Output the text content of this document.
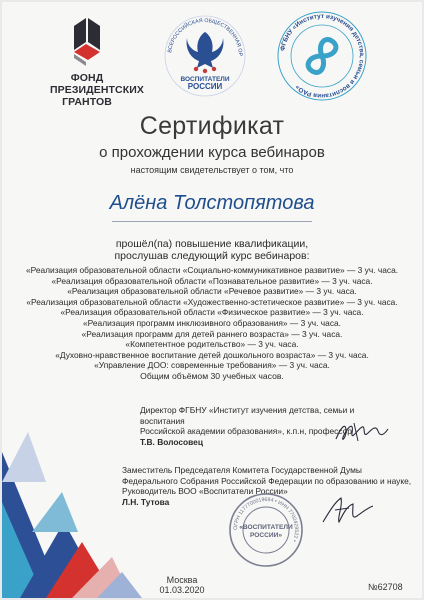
ФОНД
ПРЕЗИДЕНТСКИХ
ГРАНТОВ
ВСЕРОССИЙСКАЯ ОБЩЕСТВЕННАЯ ОР
ВОСПИТАТЕЛИ
РОССИИ
ФГБНУ «Институт изучения детства, семьи и воспитания РАО»
Сертификат
о прохождении курса вебинаров
настоящим свидетельствует о том, что
Алёна Толстопятова
прошёл(па) повышение квалификации,
прослушав следующий курс вебинаров:
«Реализация образовательной области «Социально-коммуникативное развитие» — 3 уч. часа.
«Реализация образовательной области «Познавательное развитие» — 3 уч. часа.
«Реализация образовательной области «Речевое развитие» — 3 уч. часа.
«Реализация образовательной области «Художественно-эстетическое развитие» — 3 уч. часа.
«Реализация образовательной области «Физическое развитие» — 3 уч. часа.
«Реализация программ инклюзивного образования» — 3 уч. часа.
«Реализация программ для детей раннего возраста» — 3 уч. часа.
«Компетентное родительство» — 3 уч. часа.
«Духовно-нравственное воспитание детей дошкольного возраста» — 3 уч. часа.
«Управление ДОО: современные требования» — 3 уч. часа.
Общим объёмом 30 учебных часов.
Директор ФГБНУ «Институт изучения детства, семьи и воспитания
Российской академии образования», к.п.н, профессор
Т.В. Волосовец
Заместитель Председателя Комитета Государственной Думы
Федерального Собрания Российской Федерации по образованию и науке,
Руководитель ВОО «Воспитатели России»
Л.Н. Тутова
ОГРН 1177700019694 • ИНН 7702429522 •
«ВОСПИТАТЕЛИ
РОССИИ»
Москва
01.03.2020	№62708
